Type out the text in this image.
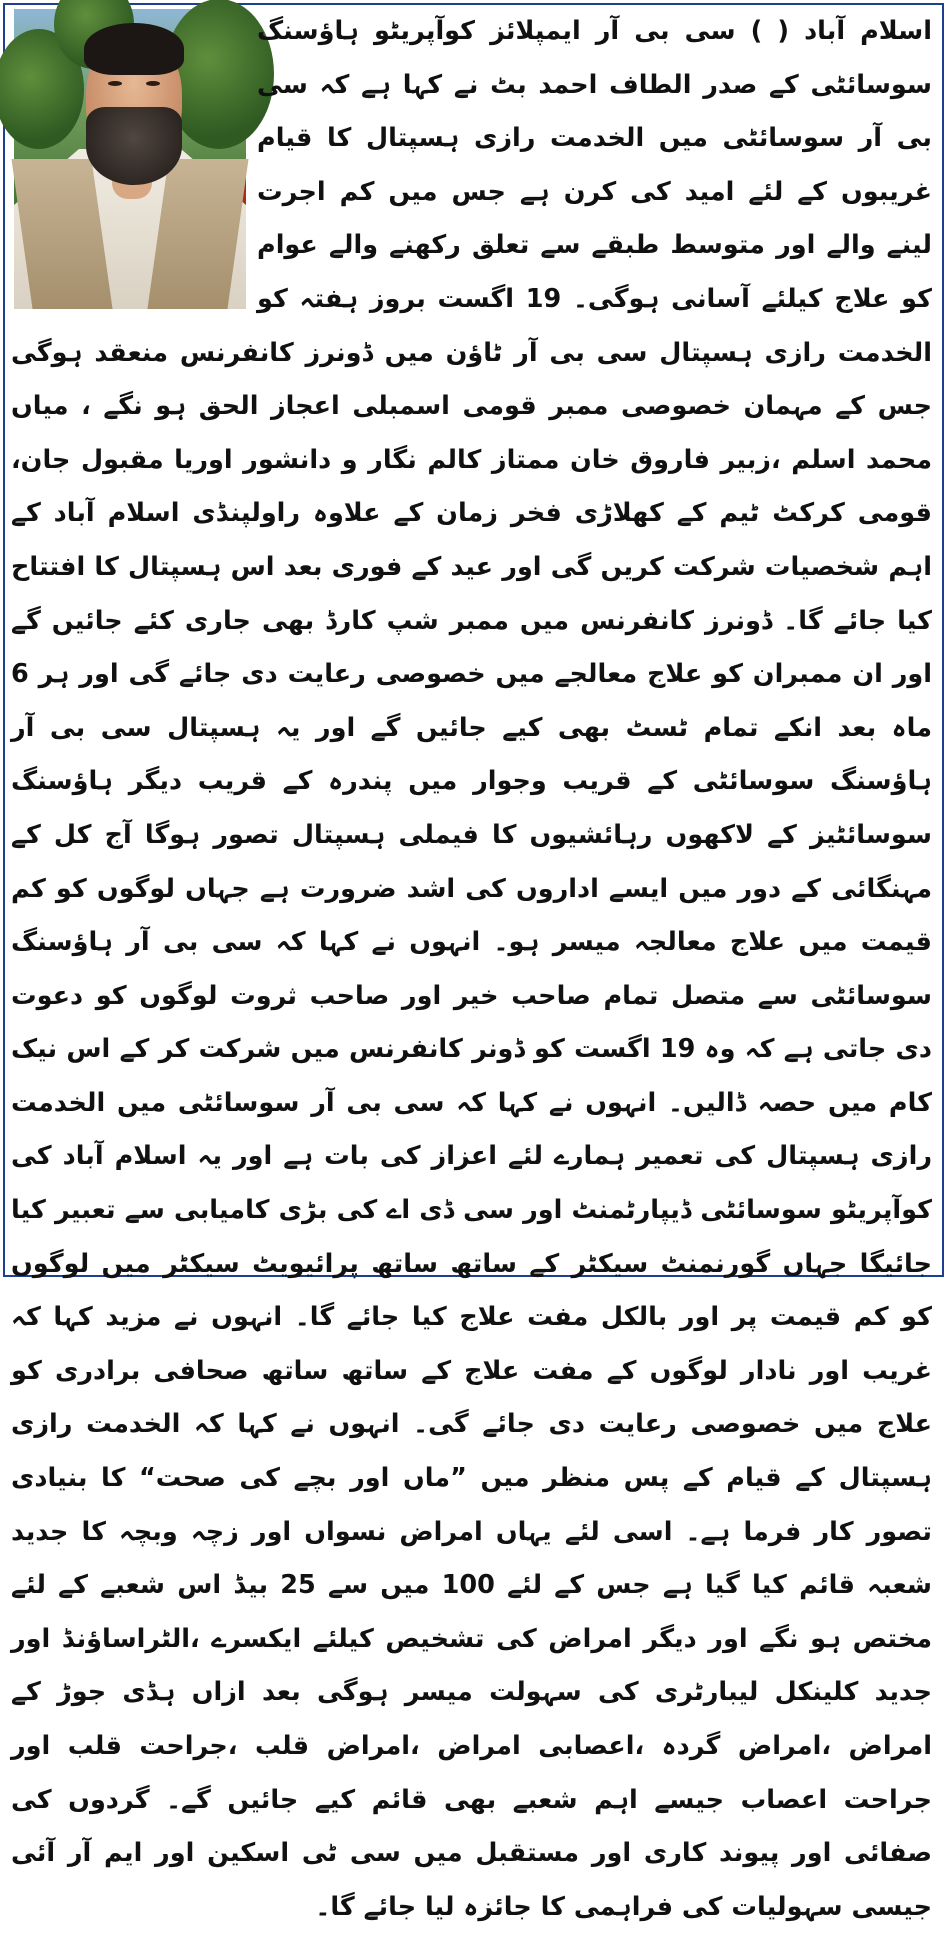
اسلام آباد ( ) سی بی آر ایمپلائز کوآپریٹو ہاؤسنگ سوسائٹی کے صدر الطاف احمد بٹ نے کہا ہے کہ سی بی آر سوسائٹی میں الخدمت رازی ہسپتال کا قیام غریبوں کے لئے امید کی کرن ہے جس میں کم اجرت لینے والے اور متوسط طبقے سے تعلق رکھنے والے عوام کو علاج کیلئے آسانی ہوگی۔ 19 اگست بروز ہفتہ کو الخدمت رازی ہسپتال سی بی آر ٹاؤن میں ڈونرز کانفرنس منعقد ہوگی جس کے مہمان خصوصی ممبر قومی اسمبلی اعجاز الحق ہو نگے ، میاں محمد اسلم ،زبیر فاروق خان ممتاز کالم نگار و دانشور اوریا مقبول جان، قومی کرکٹ ٹیم کے کھلاڑی فخر زمان کے علاوہ راولپنڈی اسلام آباد کے اہم شخصیات شرکت کریں گی اور عید کے فوری بعد اس ہسپتال کا افتتاح کیا جائے گا۔ ڈونرز کانفرنس میں ممبر شپ کارڈ بھی جاری کئے جائیں گے اور ان ممبران کو علاج معالجے میں خصوصی رعایت دی جائے گی اور ہر 6 ماہ بعد انکے تمام ٹسٹ بھی کیے جائیں گے اور یہ ہسپتال سی بی آر ہاؤسنگ سوسائٹی کے قریب وجوار میں پندرہ کے قریب دیگر ہاؤسنگ سوسائٹیز کے لاکھوں رہائشیوں کا فیملی ہسپتال تصور ہوگا آج کل کے مہنگائی کے دور میں ایسے اداروں کی اشد ضرورت ہے جہاں لوگوں کو کم قیمت میں علاج معالجہ میسر ہو۔ انہوں نے کہا کہ سی بی آر ہاؤسنگ سوسائٹی سے متصل تمام صاحب خیر اور صاحب ثروت لوگوں کو دعوت دی جاتی ہے کہ وہ 19 اگست کو ڈونر کانفرنس میں شرکت کر کے اس نیک کام میں حصہ ڈالیں۔ انہوں نے کہا کہ سی بی آر سوسائٹی میں الخدمت رازی ہسپتال کی تعمیر ہمارے لئے اعزاز کی بات ہے اور یہ اسلام آباد کی کوآپریٹو سوسائٹی ڈیپارٹمنٹ اور سی ڈی اے کی بڑی کامیابی سے تعبیر کیا جائیگا جہاں گورنمنٹ سیکٹر کے ساتھ ساتھ پرائیویٹ سیکٹر میں لوگوں کو کم قیمت پر اور بالکل مفت علاج کیا جائے گا۔ انہوں نے مزید کہا کہ غریب اور نادار لوگوں کے مفت علاج کے ساتھ ساتھ صحافی برادری کو علاج میں خصوصی رعایت دی جائے گی۔ انہوں نے کہا کہ الخدمت رازی ہسپتال کے قیام کے پس منظر میں ”ماں اور بچے کی صحت“ کا بنیادی تصور کار فرما ہے۔ اسی لئے یہاں امراض نسواں اور زچہ وبچہ کا جدید شعبہ قائم کیا گیا ہے جس کے لئے 100 میں سے 25 بیڈ اس شعبے کے لئے مختص ہو نگے اور دیگر امراض کی تشخیص کیلئے ایکسرے ،الٹراساؤنڈ اور جدید کلینکل لیبارٹری کی سہولت میسر ہوگی بعد ازاں ہڈی جوڑ کے امراض ،امراض گردہ ،اعصابی امراض ،امراض قلب ،جراحت قلب اور جراحت اعصاب جیسے اہم شعبے بھی قائم کیے جائیں گے۔ گردوں کی صفائی اور پیوند کاری اور مستقبل میں سی ٹی اسکین اور ایم آر آئی جیسی سہولیات کی فراہمی کا جائزہ لیا جائے گا۔
